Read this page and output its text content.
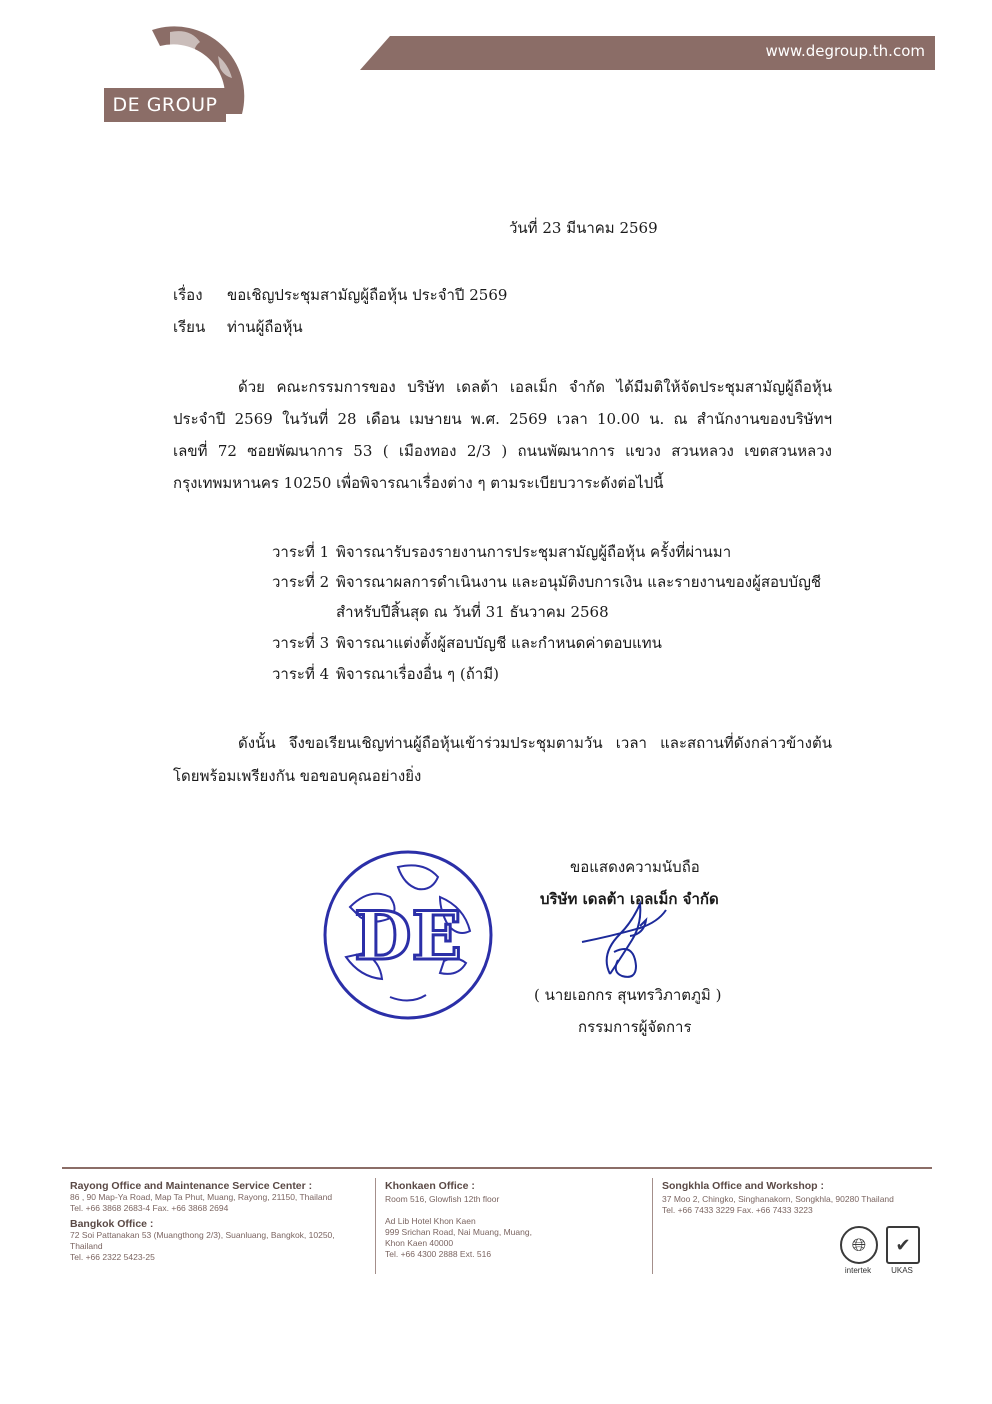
DE GROUP
www.degroup.th.com
วันที่ 23 มีนาคม 2569
เรื่อง ขอเชิญประชุมสามัญผู้ถือหุ้น ประจำปี 2569
เรียน ท่านผู้ถือหุ้น
ด้วย คณะกรรมการของ บริษัท เดลต้า เอลเม็ก จำกัด ได้มีมติให้จัดประชุมสามัญผู้ถือหุ้น
ประจำปี 2569 ในวันที่ 28 เดือน เมษายน พ.ศ. 2569 เวลา 10.00 น. ณ สำนักงานของบริษัทฯ
เลขที่ 72 ซอยพัฒนาการ 53 ( เมืองทอง 2/3 ) ถนนพัฒนาการ แขวง สวนหลวง เขตสวนหลวง
กรุงเทพมหานคร 10250 เพื่อพิจารณาเรื่องต่าง ๆ ตามระเบียบวาระดังต่อไปนี้
วาระที่ 1 พิจารณารับรองรายงานการประชุมสามัญผู้ถือหุ้น ครั้งที่ผ่านมา
วาระที่ 2 พิจารณาผลการดำเนินงาน และอนุมัติงบการเงิน และรายงานของผู้สอบบัญชี
สำหรับปีสิ้นสุด ณ วันที่ 31 ธันวาคม 2568
วาระที่ 3 พิจารณาแต่งตั้งผู้สอบบัญชี และกำหนดค่าตอบแทน
วาระที่ 4 พิจารณาเรื่องอื่น ๆ (ถ้ามี)
ดังนั้น จึงขอเรียนเชิญท่านผู้ถือหุ้นเข้าร่วมประชุมตามวัน เวลา และสถานที่ดังกล่าวข้างต้น
โดยพร้อมเพรียงกัน ขอขอบคุณอย่างยิ่ง
ขอแสดงความนับถือ
บริษัท เดลต้า เอลเม็ก จำกัด
DE
( นายเอกกร สุนทรวิภาตภูมิ )
กรรมการผู้จัดการ
Rayong Office and Maintenance Service Center :
86 , 90 Map-Ya Road, Map Ta Phut, Muang, Rayong, 21150, Thailand
Tel. +66 3868 2683-4 Fax. +66 3868 2694
Bangkok Office :
72 Soi Pattanakan 53 (Muangthong 2/3), Suanluang, Bangkok, 10250,
Thailand
Tel. +66 2322 5423-25
Khonkaen Office :
Room 516, Glowfish 12th floor
Ad Lib Hotel Khon Kaen
999 Srichan Road, Nai Muang, Muang,
Khon Kaen 40000
Tel. +66 4300 2888 Ext. 516
Songkhla Office and Workshop :
37 Moo 2, Chingko, Singhanakorn, Songkhla, 90280 Thailand
Tel. +66 7433 3229 Fax. +66 7433 3223
🌐︎
intertek
✔
UKAS
